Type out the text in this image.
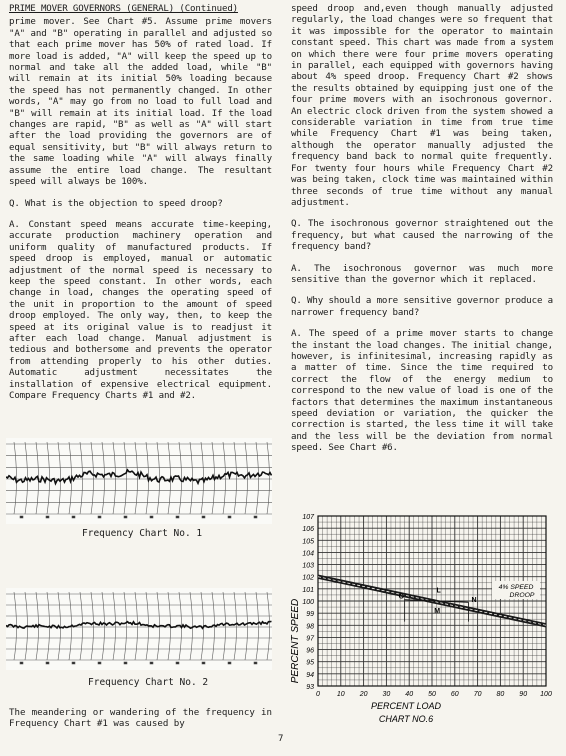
PRIME MOVER GOVERNORS (GENERAL) (Continued)

prime mover. See Chart #5. Assume prime movers "A" and "B" operating in parallel and adjusted so that each prime mover has 50% of rated load. If more load is added, "A" will keep the speed up to normal and take all the added load, while "B" will remain at its initial 50% loading because the speed has not permanently changed. In other words, "A" may go from no load to full load and "B" will remain at its initial load. If the load changes are rapid, "B" as well as "A" will start after the load providing the governors are of equal sensitivity, but "B" will always return to the same loading while "A" will always finally assume the entire load change. The resultant speed will always be 100%.

Q. What is the objection to speed droop?

A. Constant speed means accurate time-keeping, accurate production machinery operation and uniform quality of manufactured products. If speed droop is employed, manual or automatic adjustment of the normal speed is necessary to keep the speed constant. In other words, each change in load, changes the operating speed of the unit in proportion to the amount of speed droop employed. The only way, then, to keep the speed at its original value is to readjust it after each load change. Manual adjustment is tedious and bothersome and prevents the operator from attending properly to his other duties. Automatic adjustment necessitates the installation of expensive electrical equipment. Compare Frequency Charts #1 and #2.

Frequency Chart No. 1
Frequency Chart No. 2
The meandering or wandering of the frequency in Frequency Chart #1 was caused by

speed droop and,even though manually adjusted regularly, the load changes were so frequent that it was impossible for the operator to maintain constant speed. This chart was made from a system on which there were four prime movers operating in parallel, each equipped with governors having about 4% speed droop. Frequency Chart #2 shows the results obtained by equipping just one of the four prime movers with an isochronous governor. An electric clock driven from the system showed a considerable variation in time from true time while Frequency Chart #1 was being taken, although the operator manually adjusted the frequency band back to normal quite frequently. For twenty four hours while Frequency Chart #2 was being taken, clock time was maintained within three seconds of true time without any manual adjustment.

Q. The isochronous governor straightened out the frequency, but what caused the narrowing of the frequency band?

A. The isochronous governor was much more sensitive than the governor which it replaced.

Q. Why should a more sensitive governor produce a narrower frequency band?

A. The speed of a prime mover starts to change the instant the load changes. The initial change, however, is infinitesimal, increasing rapidly as a matter of time. Since the time required to correct the flow of the energy medium to correspond to the new value of load is one of the factors that determines the maximum instantaneous speed deviation or variation, the quicker the correction is started, the less time it will take and the less will be the deviation from normal speed. See Chart #6.

93
94
95
96
97
98
99
100
101
102
103
104
105
106
107
0 10 20 30 40 50 60 70 80 90 100
4% SPEED DROOP
O
L
M
N
PERCENT SPEED
PERCENT LOAD
CHART NO.6
7
